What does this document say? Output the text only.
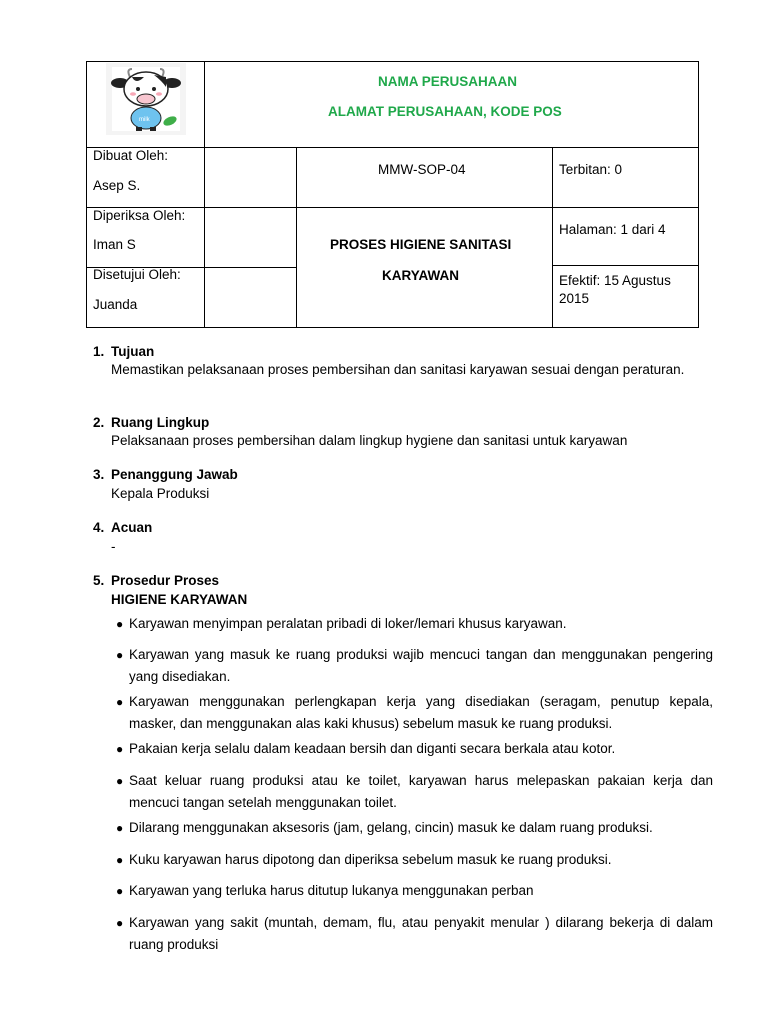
milk
NAMA PERUSAHAAN
ALAMAT PERUSAHAAN, KODE POS
Dibuat Oleh:
Asep S.
Diperiksa Oleh:
Iman S
Disetujui Oleh:
Juanda
MMW-SOP-04
PROSES HIGIENE SANITASI
KARYAWAN
Terbitan: 0
Halaman: 1 dari 4
Efektif: 15 Agustus
2015
1. Tujuan
Memastikan pelaksanaan proses pembersihan dan sanitasi karyawan sesuai dengan peraturan.
2. Ruang Lingkup
Pelaksanaan proses pembersihan dalam lingkup hygiene dan sanitasi untuk karyawan
3. Penanggung Jawab
Kepala Produksi
4. Acuan
-
5. Prosedur Proses
HIGIENE KARYAWAN
● Karyawan menyimpan peralatan pribadi di loker/lemari khusus karyawan.
● Karyawan yang masuk ke ruang produksi wajib mencuci tangan dan menggunakan pengering yang disediakan.
● Karyawan menggunakan perlengkapan kerja yang disediakan (seragam, penutup kepala, masker, dan menggunakan alas kaki khusus) sebelum masuk ke ruang produksi.
● Pakaian kerja selalu dalam keadaan bersih dan diganti secara berkala atau kotor.
● Saat keluar ruang produksi atau ke toilet, karyawan harus melepaskan pakaian kerja dan mencuci tangan setelah menggunakan toilet.
● Dilarang menggunakan aksesoris (jam, gelang, cincin) masuk ke dalam ruang produksi.
● Kuku karyawan harus dipotong dan diperiksa sebelum masuk ke ruang produksi.
● Karyawan yang terluka harus ditutup lukanya menggunakan perban
● Karyawan yang sakit (muntah, demam, flu, atau penyakit menular ) dilarang bekerja di dalam ruang produksi
